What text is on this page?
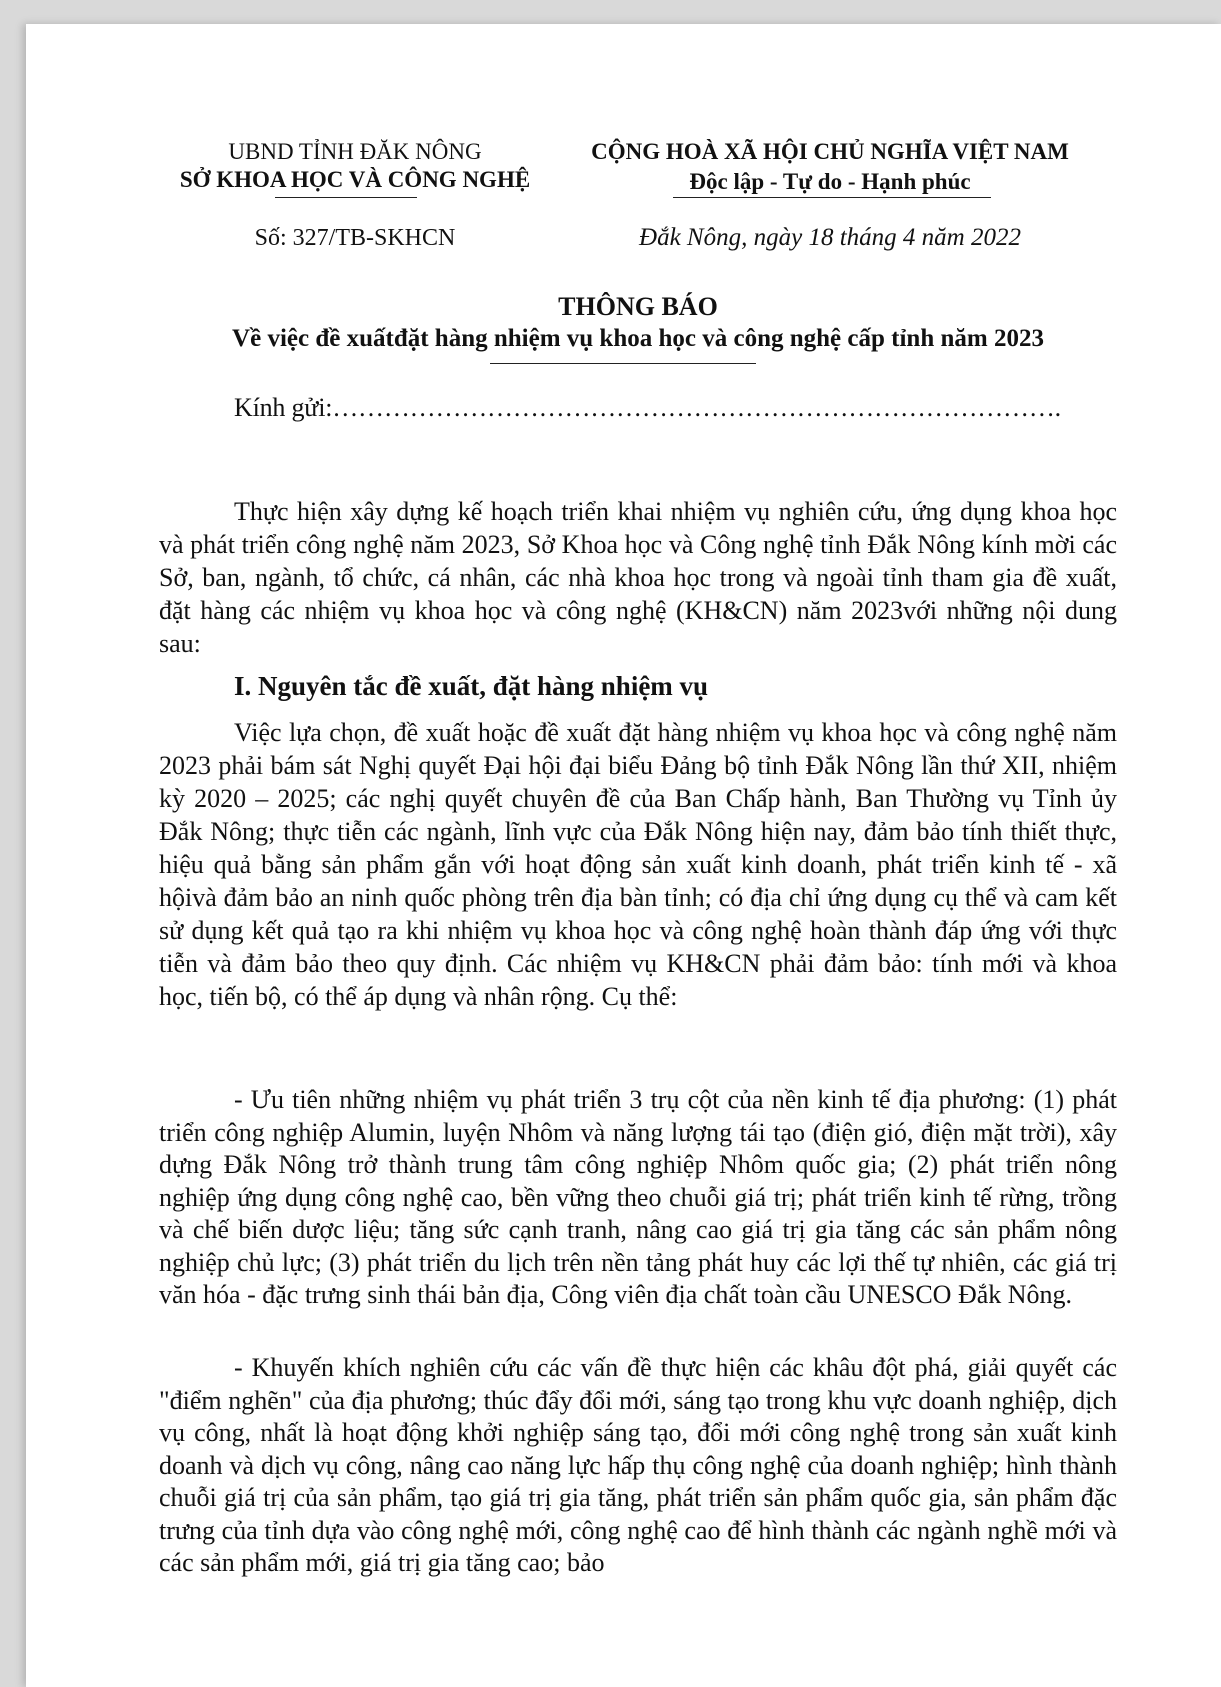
UBND TỈNH ĐĂK NÔNG
SỞ KHOA HỌC VÀ CÔNG NGHỆ
CỘNG HOÀ XÃ HỘI CHỦ NGHĨA VIỆT NAM
Độc lập - Tự do - Hạnh phúc
Số: 327/TB-SKHCN	Đắk Nông, ngày 18 tháng 4 năm 2022
THÔNG BÁO
Về việc đề xuấtđặt hàng nhiệm vụ khoa học và công nghệ cấp tỉnh năm 2023
Kính gửi:………………………………………………………………………….

Thực hiện xây dựng kế hoạch triển khai nhiệm vụ nghiên cứu, ứng dụng khoa học và phát triển công nghệ năm 2023, Sở Khoa học và Công nghệ tỉnh Đắk Nông kính mời các Sở, ban, ngành, tổ chức, cá nhân, các nhà khoa học trong và ngoài tỉnh tham gia đề xuất, đặt hàng các nhiệm vụ khoa học và công nghệ (KH&CN) năm 2023với những nội dung sau:

I. Nguyên tắc đề xuất, đặt hàng nhiệm vụ

Việc lựa chọn, đề xuất hoặc đề xuất đặt hàng nhiệm vụ khoa học và công nghệ năm 2023 phải bám sát Nghị quyết Đại hội đại biểu Đảng bộ tỉnh Đắk Nông lần thứ XII, nhiệm kỳ 2020 – 2025; các nghị quyết chuyên đề của Ban Chấp hành, Ban Thường vụ Tỉnh ủy Đắk Nông; thực tiễn các ngành, lĩnh vực của Đắk Nông hiện nay, đảm bảo tính thiết thực, hiệu quả bằng sản phẩm gắn với hoạt động sản xuất kinh doanh, phát triển kinh tế - xã hộivà đảm bảo an ninh quốc phòng trên địa bàn tỉnh; có địa chỉ ứng dụng cụ thể và cam kết sử dụng kết quả tạo ra khi nhiệm vụ khoa học và công nghệ hoàn thành đáp ứng với thực tiễn và đảm bảo theo quy định. Các nhiệm vụ KH&CN phải đảm bảo: tính mới và khoa học, tiến bộ, có thể áp dụng và nhân rộng. Cụ thể:

- Ưu tiên những nhiệm vụ phát triển 3 trụ cột của nền kinh tế địa phương: (1) phát triển công nghiệp Alumin, luyện Nhôm và năng lượng tái tạo (điện gió, điện mặt trời), xây dựng Đắk Nông trở thành trung tâm công nghiệp Nhôm quốc gia; (2) phát triển nông nghiệp ứng dụng công nghệ cao, bền vững theo chuỗi giá trị; phát triển kinh tế rừng, trồng và chế biến dược liệu; tăng sức cạnh tranh, nâng cao giá trị gia tăng các sản phẩm nông nghiệp chủ lực; (3) phát triển du lịch trên nền tảng phát huy các lợi thế tự nhiên, các giá trị văn hóa - đặc trưng sinh thái bản địa, Công viên địa chất toàn cầu UNESCO Đắk Nông.

- Khuyến khích nghiên cứu các vấn đề thực hiện các khâu đột phá, giải quyết các "điểm nghẽn" của địa phương; thúc đẩy đổi mới, sáng tạo trong khu vực doanh nghiệp, dịch vụ công, nhất là hoạt động khởi nghiệp sáng tạo, đổi mới công nghệ trong sản xuất kinh doanh và dịch vụ công, nâng cao năng lực hấp thụ công nghệ của doanh nghiệp; hình thành chuỗi giá trị của sản phẩm, tạo giá trị gia tăng, phát triển sản phẩm quốc gia, sản phẩm đặc trưng của tỉnh dựa vào công nghệ mới, công nghệ cao để hình thành các ngành nghề mới và các sản phẩm mới, giá trị gia tăng cao; bảo
